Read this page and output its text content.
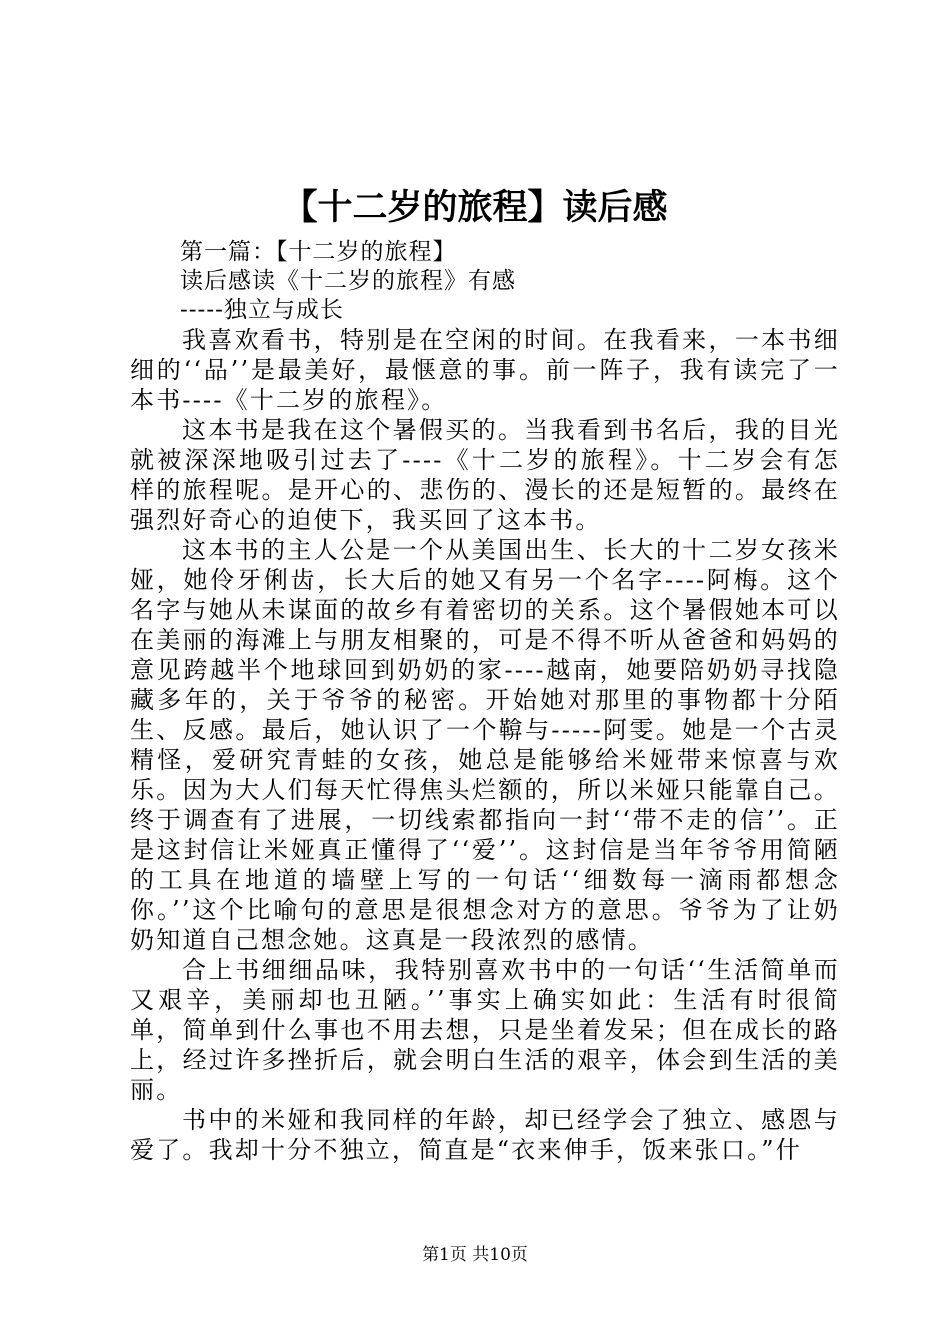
【十二岁的旅程】读后感

第一篇：【十二岁的旅程】

读后感读《十二岁的旅程》有感

-----独立与成长

我喜欢看书，特别是在空闲的时间。在我看来，一本书细细的‘‘品’’是最美好，最惬意的事。前一阵子，我有读完了一本书----《十二岁的旅程》。

这本书是我在这个暑假买的。当我看到书名后，我的目光就被深深地吸引过去了----《十二岁的旅程》。十二岁会有怎样的旅程呢。是开心的、悲伤的、漫长的还是短暂的。最终在强烈好奇心的迫使下，我买回了这本书。

这本书的主人公是一个从美国出生、长大的十二岁女孩米娅，她伶牙俐齿，长大后的她又有另一个名字----阿梅。这个名字与她从未谋面的故乡有着密切的关系。这个暑假她本可以在美丽的海滩上与朋友相聚的，可是不得不听从爸爸和妈妈的意见跨越半个地球回到奶奶的家----越南，她要陪奶奶寻找隐藏多年的，关于爷爷的秘密。开始她对那里的事物都十分陌生、反感。最后，她认识了一个鞥与-----阿雯。她是一个古灵精怪，爱研究青蛙的女孩，她总是能够给米娅带来惊喜与欢乐。因为大人们每天忙得焦头烂额的，所以米娅只能靠自己。终于调查有了进展，一切线索都指向一封‘‘带不走的信’’。正是这封信让米娅真正懂得了‘‘爱’’。这封信是当年爷爷用简陋的工具在地道的墙壁上写的一句话‘‘细数每一滴雨都想念你。’’这个比喻句的意思是很想念对方的意思。爷爷为了让奶奶知道自己想念她。这真是一段浓烈的感情。

合上书细细品味，我特别喜欢书中的一句话‘‘生活简单而又艰辛，美丽却也丑陋。’’事实上确实如此：生活有时很简单，简单到什么事也不用去想，只是坐着发呆；但在成长的路上，经过许多挫折后，就会明白生活的艰辛，体会到生活的美丽。

书中的米娅和我同样的年龄，却已经学会了独立、感恩与爱了。我却十分不独立，简直是“衣来伸手，饭来张口。”什

第1页 共10页
